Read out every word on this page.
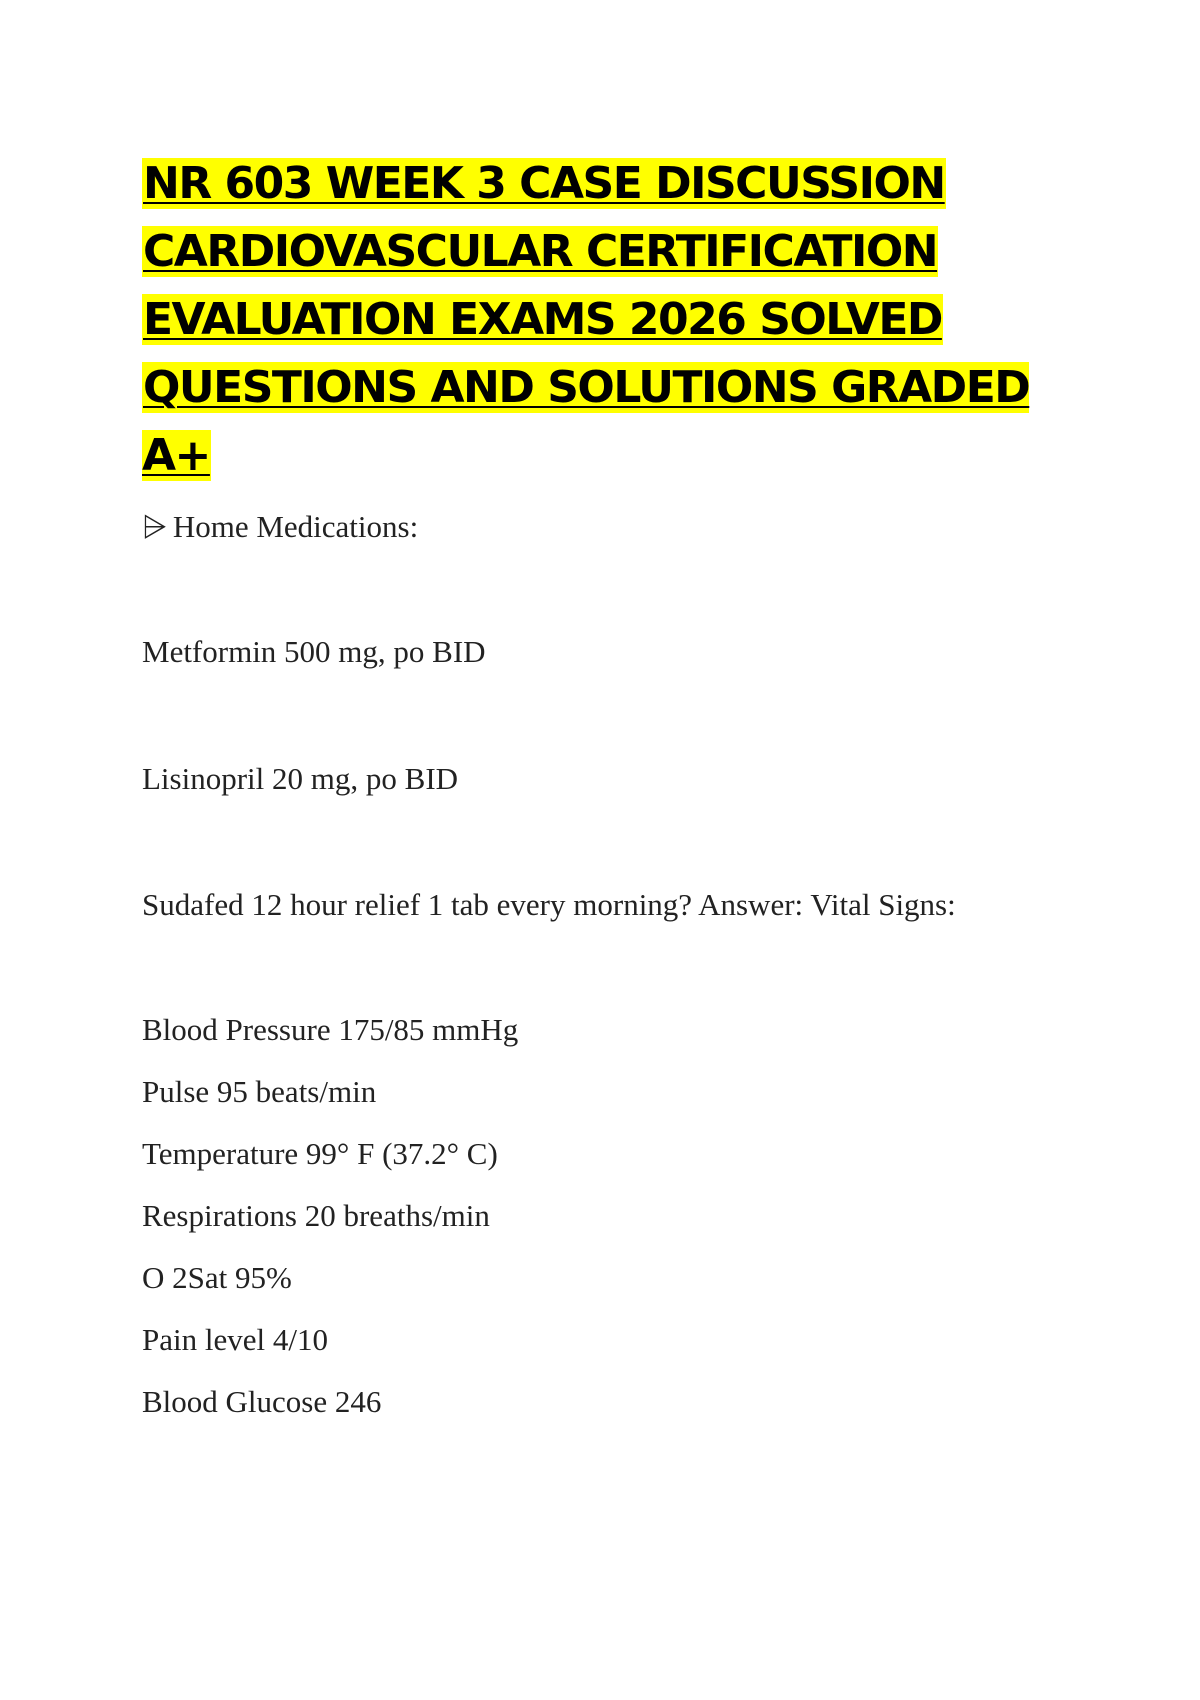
NR 603 WEEK 3 CASE DISCUSSION
CARDIOVASCULAR CERTIFICATION
EVALUATION EXAMS 2026 SOLVED
QUESTIONS AND SOLUTIONS GRADED A+

⩥ Home Medications:

Metformin 500 mg, po BID

Lisinopril 20 mg, po BID

Sudafed 12 hour relief 1 tab every morning? Answer: Vital Signs:

Blood Pressure 175/85 mmHg

Pulse 95 beats/min

Temperature 99° F (37.2° C)

Respirations 20 breaths/min

O 2Sat 95%

Pain level 4/10

Blood Glucose 246
